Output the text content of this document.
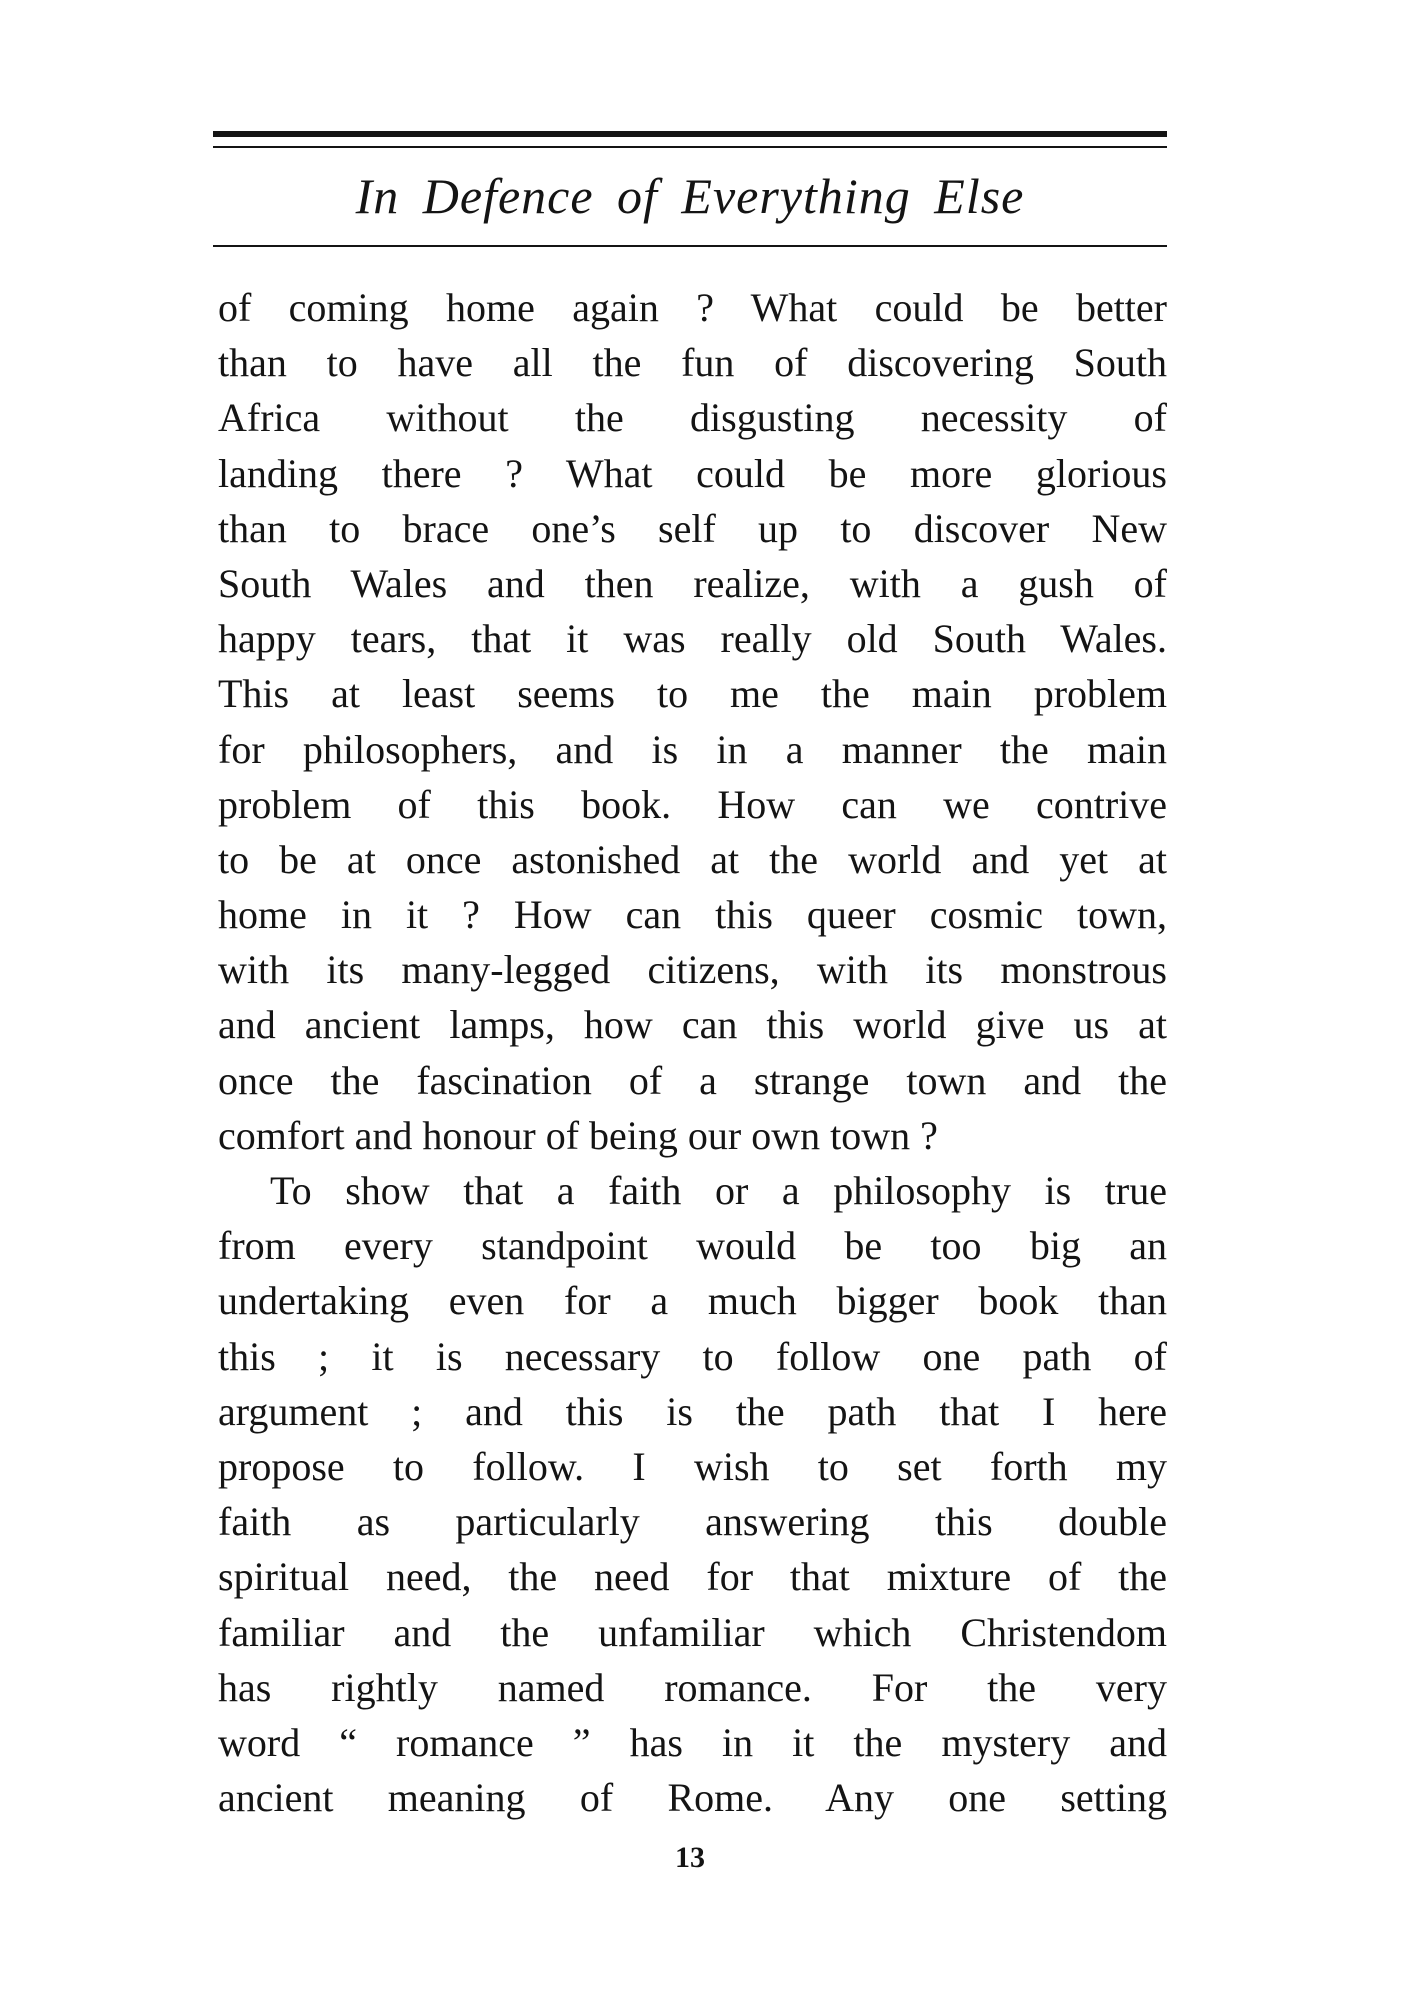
In Defence of Everything Else
of coming home again ? What could be better
than to have all the fun of discovering South
Africa without the disgusting necessity of
landing there ? What could be more glorious
than to brace one’s self up to discover New
South Wales and then realize, with a gush of
happy tears, that it was really old South Wales.
This at least seems to me the main problem
for philosophers, and is in a manner the main
problem of this book. How can we contrive
to be at once astonished at the world and yet at
home in it ? How can this queer cosmic town,
with its many-legged citizens, with its monstrous
and ancient lamps, how can this world give us at
once the fascination of a strange town and the
comfort and honour of being our own town ?
To show that a faith or a philosophy is true
from every standpoint would be too big an
undertaking even for a much bigger book than
this ; it is necessary to follow one path of
argument ; and this is the path that I here
propose to follow. I wish to set forth my
faith as particularly answering this double
spiritual need, the need for that mixture of the
familiar and the unfamiliar which Christendom
has rightly named romance. For the very
word “ romance ” has in it the mystery and
ancient meaning of Rome. Any one setting
13
